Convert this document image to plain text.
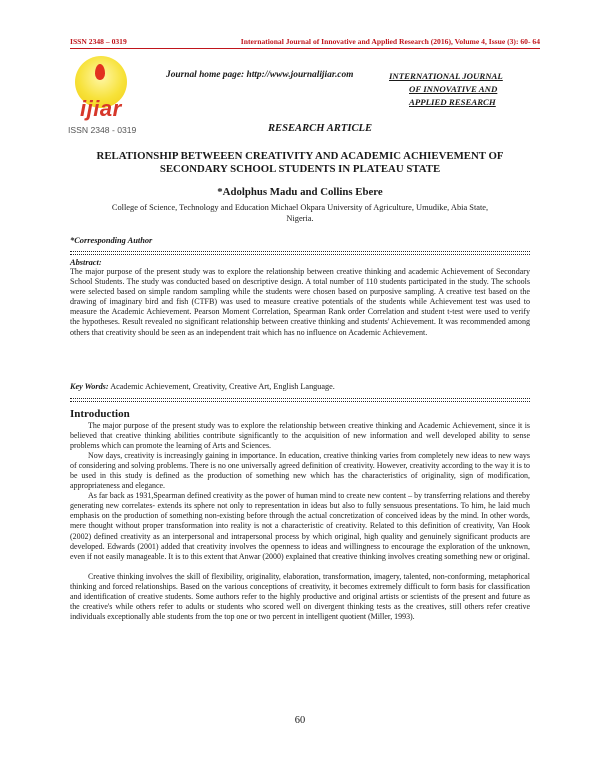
ISSN 2348 – 0319	International Journal of Innovative and Applied Research (2016), Volume 4, Issue (3): 60- 64
ijiar
ISSN 2348 - 0319
Journal home page: http://www.journalijiar.com	INTERNATIONAL JOURNAL
OF INNOVATIVE AND
APPLIED RESEARCH
RESEARCH ARTICLE
RELATIONSHIP BETWEEEN CREATIVITY AND ACADEMIC ACHIEVEMENT OF
SECONDARY SCHOOL STUDENTS IN PLATEAU STATE
*Adolphus Madu and Collins Ebere
College of Science, Technology and Education Michael Okpara University of Agriculture, Umudike, Abia State,
Nigeria.
*Corresponding Author
Abstract:
The major purpose of the present study was to explore the relationship between creative thinking and academic Achievement of Secondary School Students. The study was conducted based on descriptive design. A total number of 110 students participated in the study. The schools were selected based on simple random sampling while the students were chosen based on purposive sampling. A creative test based on the drawing of imaginary bird and fish (CTFB) was used to measure creative potentials of the students while Achievement test was used to measure the Academic Achievement. Pearson Moment Correlation, Spearman Rank order Correlation and student t-test were used to verify the hypotheses. Result revealed no significant relationship between creative thinking and students' Achievement. It was recommended among others that creativity should be seen as an independent trait which has no influence on Academic Achievement.
Key Words: Academic Achievement, Creativity, Creative Art, English Language.
Introduction

The major purpose of the present study was to explore the relationship between creative thinking and Academic Achievement, since it is believed that creative thinking abilities contribute significantly to the acquisition of new information and well developed ability to sense problems which can promote the learning of Arts and Sciences.

Now days, creativity is increasingly gaining in importance. In education, creative thinking varies from completely new ideas to new ways of considering and solving problems. There is no one universally agreed definition of creativity. However, creativity according to the way it is to be used in this study is defined as the production of something new which has the characteristics of originality, sign of modification, appropriateness and elegance.

As far back as 1931,Spearman defined creativity as the power of human mind to create new content – by transferring relations and thereby generating new correlates- extends its sphere not only to representation in ideas but also to fully sensuous presentations. To him, he laid much emphasis on the production of something non-existing before through the actual concretization of conceived ideas by the mind. In other words, mere thought without proper transformation into reality is not a characteristic of creativity. Related to this definition of creativity, Van Hook (2002) defined creativity as an interpersonal and intrapersonal process by which original, high quality and genuinely significant products are developed. Edwards (2001) added that creativity involves the openness to ideas and willingness to encourage the exploration of the unknown, even if not easily manageable. It is to this extent that Anwar (2000) explained that creative thinking involves creating something new or original.

Creative thinking involves the skill of flexibility, originality, elaboration, transformation, imagery, talented, non-conforming, metaphorical thinking and forced relationships. Based on the various conceptions of creativity, it becomes extremely difficult to form basis for classification and identification of creative students. Some authors refer to the highly productive and original artists or scientists of the present and future as the creative's while others refer to adults or students who scored well on divergent thinking tests as the creatives, still others refer creative individuals exceptionally able students from the top one or two percent in intelligent quotient (Miller, 1993).

60
